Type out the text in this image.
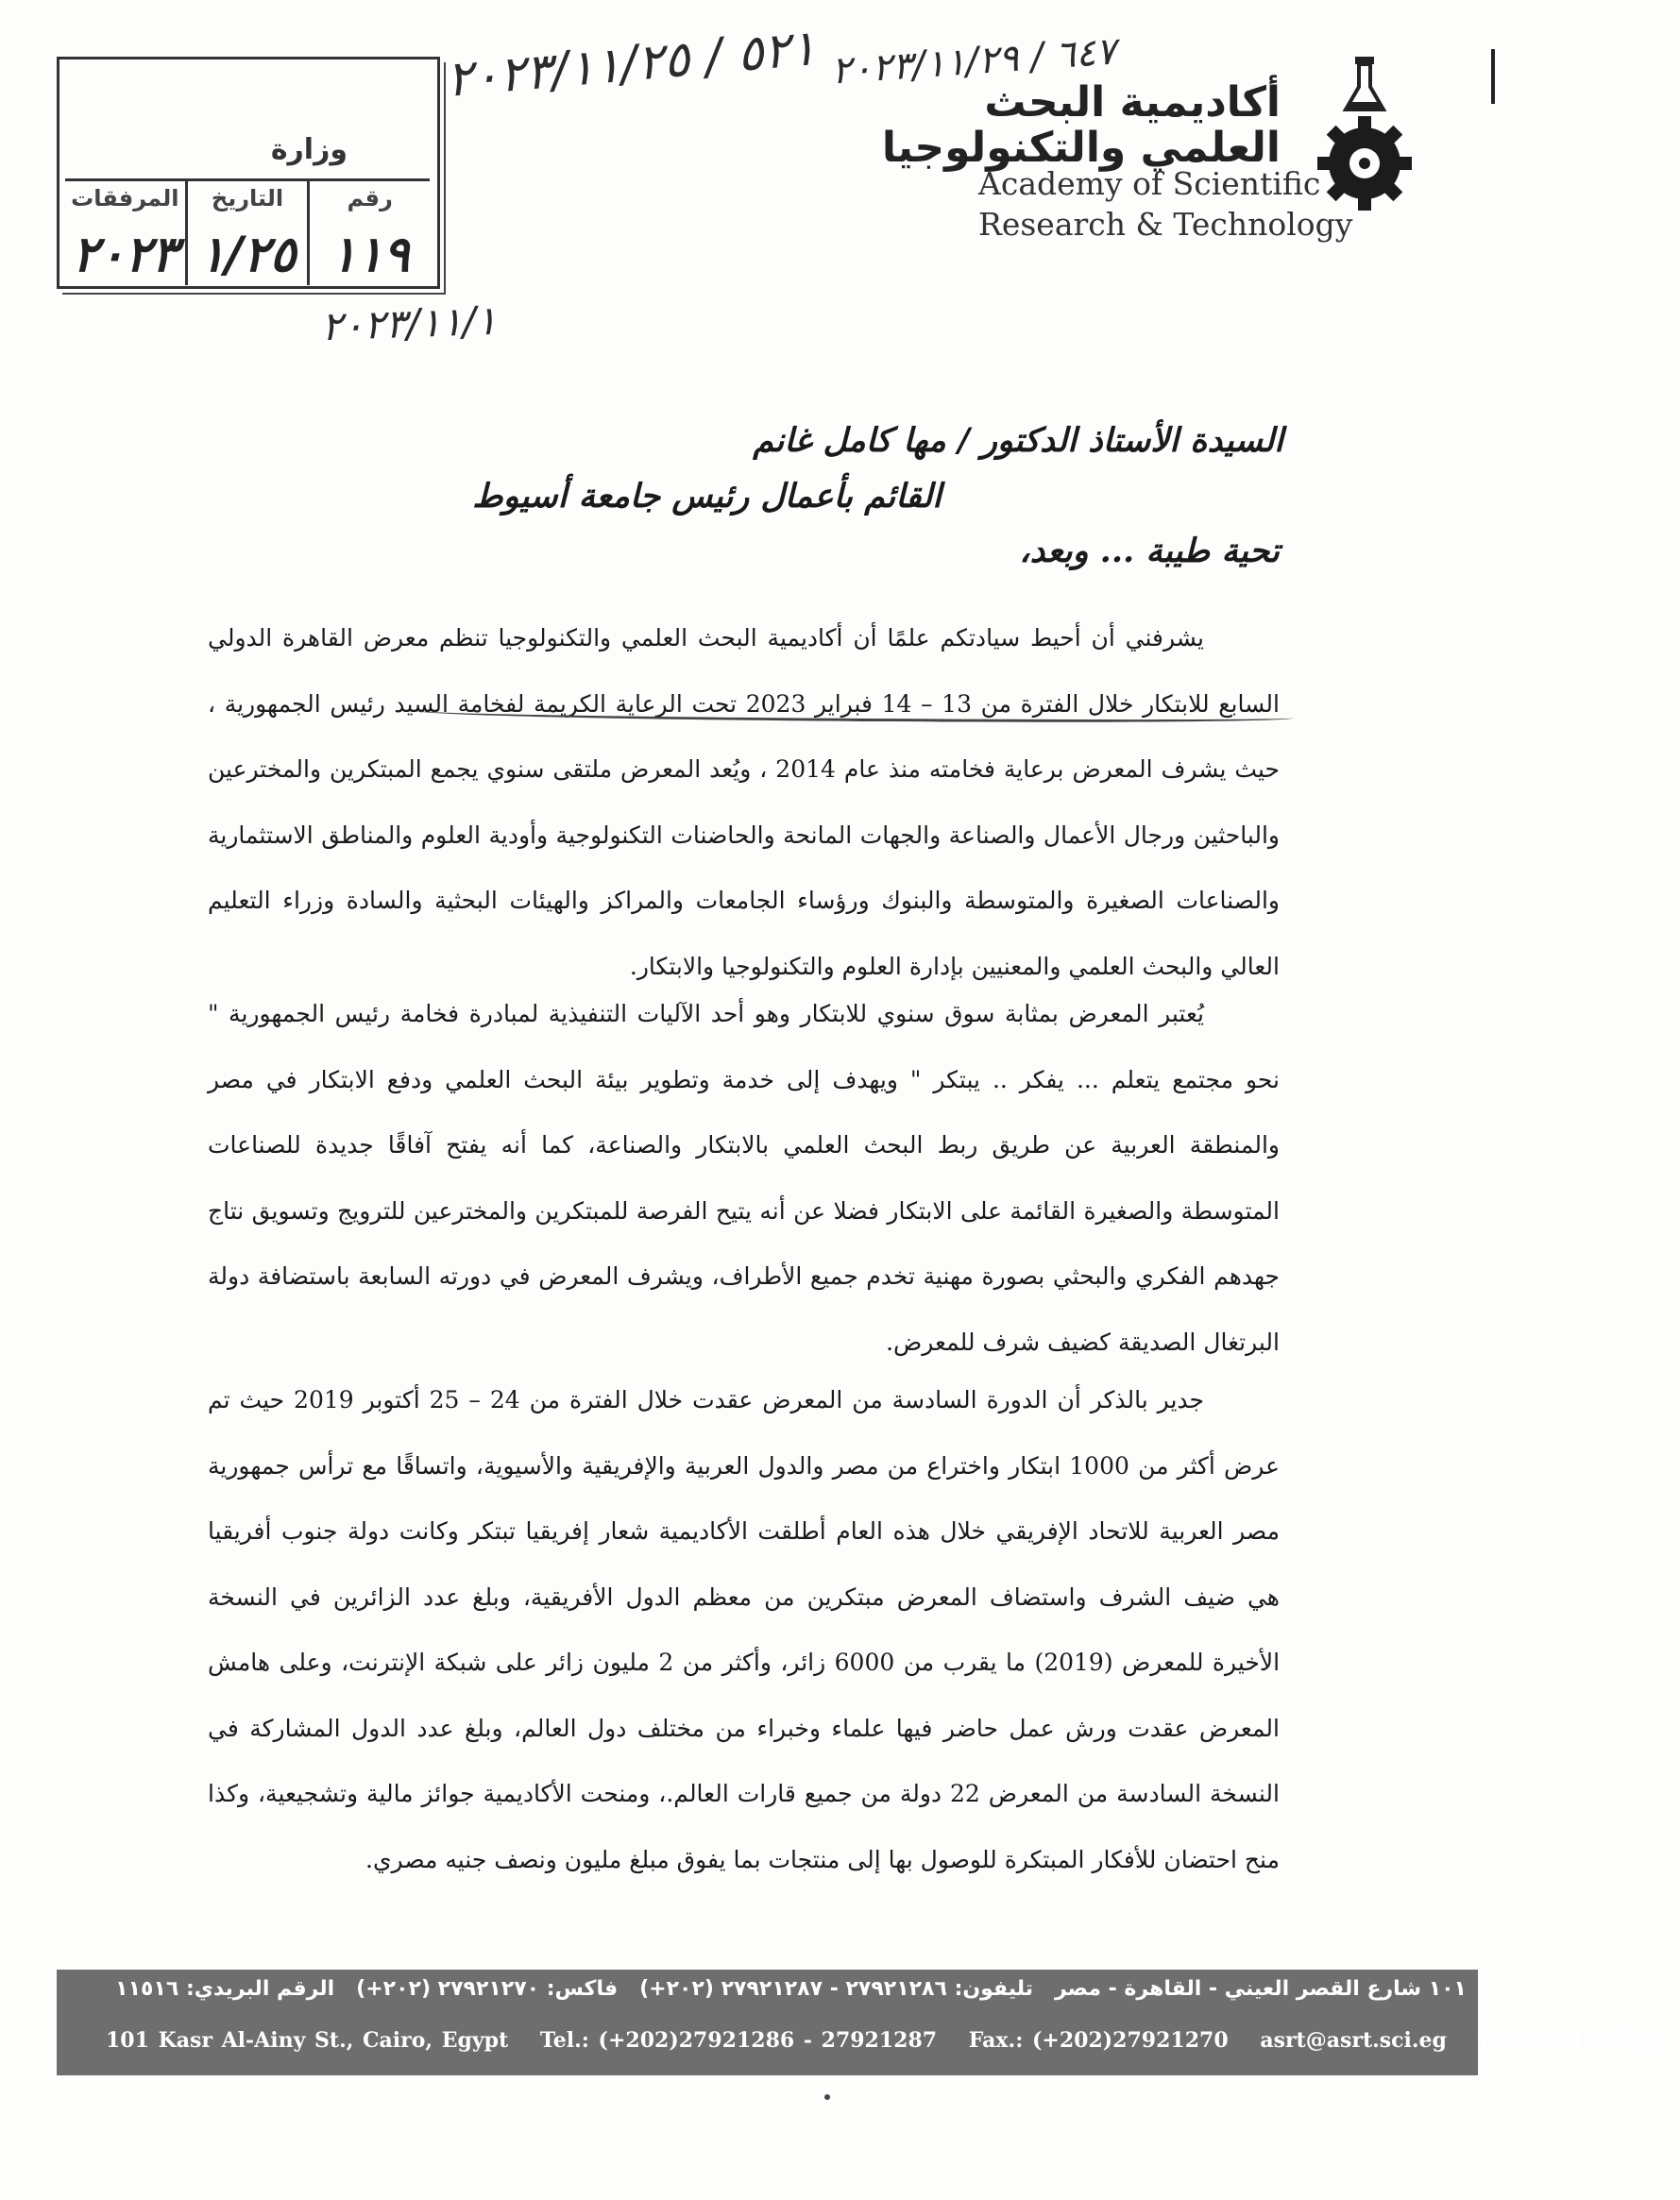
أكاديمية البحث
العلمي والتكنولوجيا
Academy of Scientific
Research & Technology
وزارة
رقم
١١٩
التاريخ
١/٢٥
المرفقات
٢٠٢٣
٥٢١ / ٢٠٢٣/١١/٢٥ ٦٤٧ / ٢٠٢٣/١١/٢٩
٢٠٢٣/١١/١
السيدة الأستاذ الدكتور / مها كامل غانم
القائم بأعمال رئيس جامعة أسيوط
تحية طيبة ... وبعد،
يشرفني أن أحيط سيادتكم علمًا أن أكاديمية البحث العلمي والتكنولوجيا تنظم معرض القاهرة الدولي السابع للابتكار خلال الفترة من 13 – 14 فبراير 2023 تحت الرعاية الكريمة لفخامة السيد رئيس الجمهورية ، حيث يشرف المعرض برعاية فخامته منذ عام 2014 ، ويُعد المعرض ملتقى سنوي يجمع المبتكرين والمخترعين والباحثين ورجال الأعمال والصناعة والجهات المانحة والحاضنات التكنولوجية وأودية العلوم والمناطق الاستثمارية والصناعات الصغيرة والمتوسطة والبنوك ورؤساء الجامعات والمراكز والهيئات البحثية والسادة وزراء التعليم العالي والبحث العلمي والمعنيين بإدارة العلوم والتكنولوجيا والابتكار.
يُعتبر المعرض بمثابة سوق سنوي للابتكار وهو أحد الآليات التنفيذية لمبادرة فخامة رئيس الجمهورية " نحو مجتمع يتعلم ... يفكر .. يبتكر " ويهدف إلى خدمة وتطوير بيئة البحث العلمي ودفع الابتكار في مصر والمنطقة العربية عن طريق ربط البحث العلمي بالابتكار والصناعة، كما أنه يفتح آفاقًا جديدة للصناعات المتوسطة والصغيرة القائمة على الابتكار فضلا عن أنه يتيح الفرصة للمبتكرين والمخترعين للترويج وتسويق نتاج جهدهم الفكري والبحثي بصورة مهنية تخدم جميع الأطراف، ويشرف المعرض في دورته السابعة باستضافة دولة البرتغال الصديقة كضيف شرف للمعرض.
جدير بالذكر أن الدورة السادسة من المعرض عقدت خلال الفترة من 24 – 25 أكتوبر 2019 حيث تم عرض أكثر من 1000 ابتكار واختراع من مصر والدول العربية والإفريقية والأسيوية، واتساقًا مع ترأس جمهورية مصر العربية للاتحاد الإفريقي خلال هذه العام أطلقت الأكاديمية شعار إفريقيا تبتكر وكانت دولة جنوب أفريقيا هي ضيف الشرف واستضاف المعرض مبتكرين من معظم الدول الأفريقية، وبلغ عدد الزائرين في النسخة الأخيرة للمعرض (2019) ما يقرب من 6000 زائر، وأكثر من 2 مليون زائر على شبكة الإنترنت، وعلى هامش المعرض عقدت ورش عمل حاضر فيها علماء وخبراء من مختلف دول العالم، وبلغ عدد الدول المشاركة في النسخة السادسة من المعرض 22 دولة من جميع قارات العالم.، ومنحت الأكاديمية جوائز مالية وتشجيعية، وكذا منح احتضان للأفكار المبتكرة للوصول بها إلى منتجات بما يفوق مبلغ مليون ونصف جنيه مصري.
١٠١ شارع القصر العيني - القاهرة - مصر   تليفون: ٢٧٩٢١٢٨٦ - ٢٧٩٢١٢٨٧ (٢٠٢+)   فاكس: ٢٧٩٢١٢٧٠ (٢٠٢+)   الرقم البريدي: ١١٥١٦
101 Kasr Al-Ainy St., Cairo, Egypt Tel.: (+202)27921286 - 27921287 Fax.: (+202)27921270 asrt@asrt.sci.eg www.asrt.sci.eg
